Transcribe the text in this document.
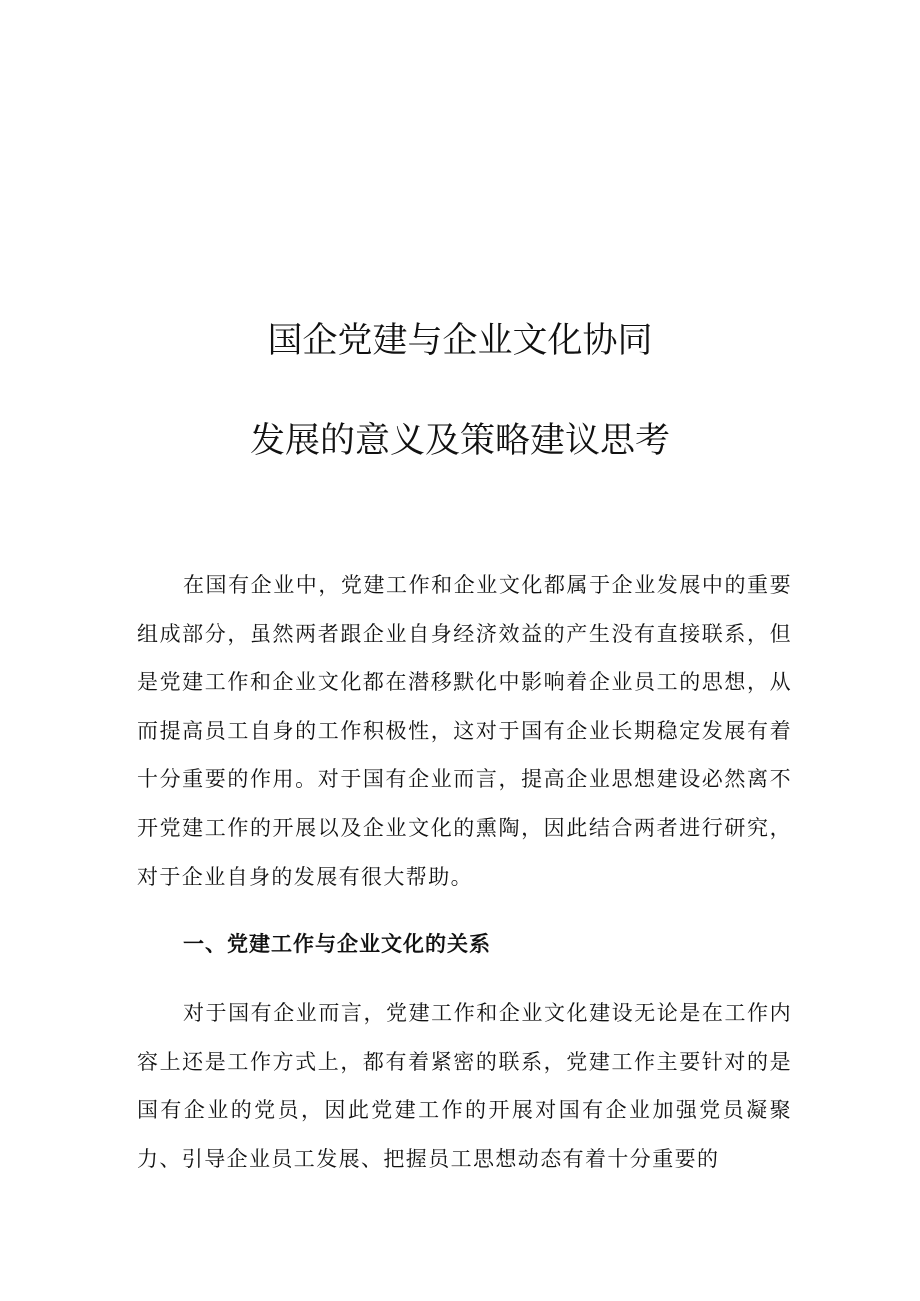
国企党建与企业文化协同
发展的意义及策略建议思考

在国有企业中，党建工作和企业文化都属于企业发展中的重要组成部分，虽然两者跟企业自身经济效益的产生没有直接联系，但是党建工作和企业文化都在潜移默化中影响着企业员工的思想，从而提高员工自身的工作积极性，这对于国有企业长期稳定发展有着十分重要的作用。对于国有企业而言，提高企业思想建设必然离不开党建工作的开展以及企业文化的熏陶，因此结合两者进行研究，对于企业自身的发展有很大帮助。

一、党建工作与企业文化的关系

对于国有企业而言，党建工作和企业文化建设无论是在工作内容上还是工作方式上，都有着紧密的联系，党建工作主要针对的是国有企业的党员，因此党建工作的开展对国有企业加强党员凝聚力、引导企业员工发展、把握员工思想动态有着十分重要的
